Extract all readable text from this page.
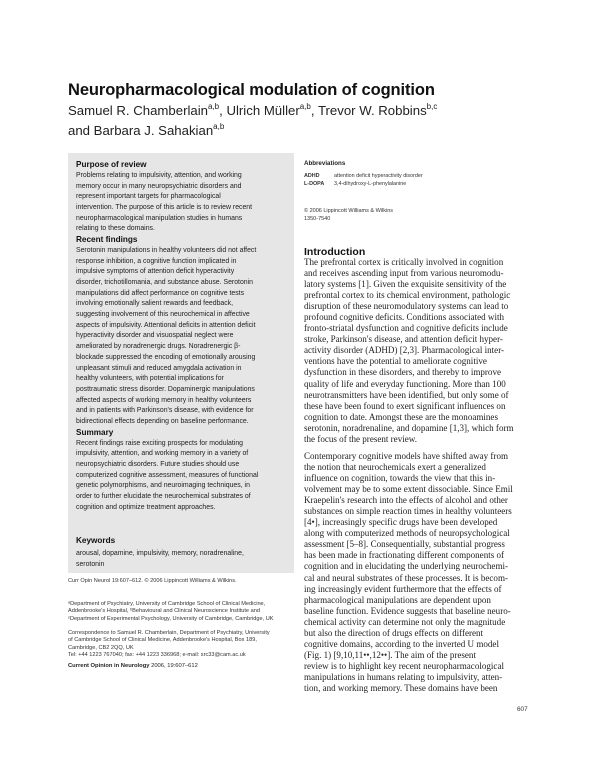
Neuropharmacological modulation of cognition
Samuel R. Chamberlain$^{a,b}$, Ulrich Müller$^{a,b}$, Trevor W. Robbins$^{b,c}$
and Barbara J. Sahakian$^{a,b}$
Purpose of review
Problems relating to impulsivity, attention, and working
memory occur in many neuropsychiatric disorders and
represent important targets for pharmacological
intervention. The purpose of this article is to review recent
neuropharmacological manipulation studies in humans
relating to these domains.
Recent findings
Serotonin manipulations in healthy volunteers did not affect
response inhibition, a cognitive function implicated in
impulsive symptoms of attention deficit hyperactivity
disorder, trichotillomania, and substance abuse. Serotonin
manipulations did affect performance on cognitive tests
involving emotionally salient rewards and feedback,
suggesting involvement of this neurochemical in affective
aspects of impulsivity. Attentional deficits in attention deficit
hyperactivity disorder and visuospatial neglect were
ameliorated by noradrenergic drugs. Noradrenergic β-
blockade suppressed the encoding of emotionally arousing
unpleasant stimuli and reduced amygdala activation in
healthy volunteers, with potential implications for
posttraumatic stress disorder. Dopaminergic manipulations
affected aspects of working memory in healthy volunteers
and in patients with Parkinson's disease, with evidence for
bidirectional effects depending on baseline performance.
Summary
Recent findings raise exciting prospects for modulating
impulsivity, attention, and working memory in a variety of
neuropsychiatric disorders. Future studies should use
computerized cognitive assessment, measures of functional
genetic polymorphisms, and neuroimaging techniques, in
order to further elucidate the neurochemical substrates of
cognition and optimize treatment approaches.
Keywords
arousal, dopamine, impulsivity, memory, noradrenaline,
serotonin
Curr Opin Neurol 19:607–612. © 2006 Lippincott Williams & Wilkins.
ᵃDepartment of Psychiatry, University of Cambridge School of Clinical Medicine,
Addenbrooke's Hospital, ᵇBehavioural and Clinical Neuroscience Institute and
ᶜDepartment of Experimental Psychology, University of Cambridge, Cambridge, UK
Correspondence to Samuel R. Chamberlain, Department of Psychiatry, University
of Cambridge School of Clinical Medicine, Addenbrooke's Hospital, Box 189,
Cambridge, CB2 2QQ, UK
Tel: +44 1223 767040; fax: +44 1223 336968; e-mail: src33@cam.ac.uk
Current Opinion in Neurology 2006, 19:607–612
Abbreviations
ADHD	attention deficit hyperactivity disorder
L-DOPA 3,4-dihydroxy-L-phenylalanine
© 2006 Lippincott Williams & Wilkins
1350-7540
Introduction
The prefrontal cortex is critically involved in cognition
and receives ascending input from various neuromodu-
latory systems [1]. Given the exquisite sensitivity of the
prefrontal cortex to its chemical environment, pathologic
disruption of these neuromodulatory systems can lead to
profound cognitive deficits. Conditions associated with
fronto-striatal dysfunction and cognitive deficits include
stroke, Parkinson's disease, and attention deficit hyper-
activity disorder (ADHD) [2,3]. Pharmacological inter-
ventions have the potential to ameliorate cognitive
dysfunction in these disorders, and thereby to improve
quality of life and everyday functioning. More than 100
neurotransmitters have been identified, but only some of
these have been found to exert significant influences on
cognition to date. Amongst these are the monoamines
serotonin, noradrenaline, and dopamine [1,3], which form
the focus of the present review.
Contemporary cognitive models have shifted away from
the notion that neurochemicals exert a generalized
influence on cognition, towards the view that this in-
volvement may be to some extent dissociable. Since Emil
Kraepelin's research into the effects of alcohol and other
substances on simple reaction times in healthy volunteers
[4•], increasingly specific drugs have been developed
along with computerized methods of neuropsychological
assessment [5–8]. Consequentially, substantial progress
has been made in fractionating different components of
cognition and in elucidating the underlying neurochemi-
cal and neural substrates of these processes. It is becom-
ing increasingly evident furthermore that the effects of
pharmacological manipulations are dependent upon
baseline function. Evidence suggests that baseline neuro-
chemical activity can determine not only the magnitude
but also the direction of drugs effects on different
cognitive domains, according to the inverted U model
(Fig. 1) [9,10,11••,12••]. The aim of the present
review is to highlight key recent neuropharmacological
manipulations in humans relating to impulsivity, atten-
tion, and working memory. These domains have been
607
